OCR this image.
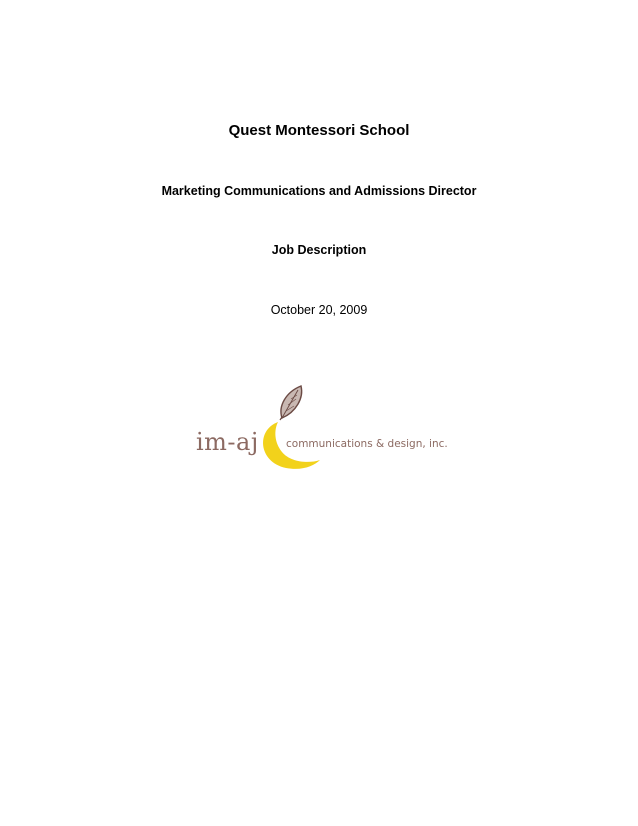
Quest Montessori School
Marketing Communications and Admissions Director
Job Description
October 20, 2009
im-aj	communications & design, inc.
